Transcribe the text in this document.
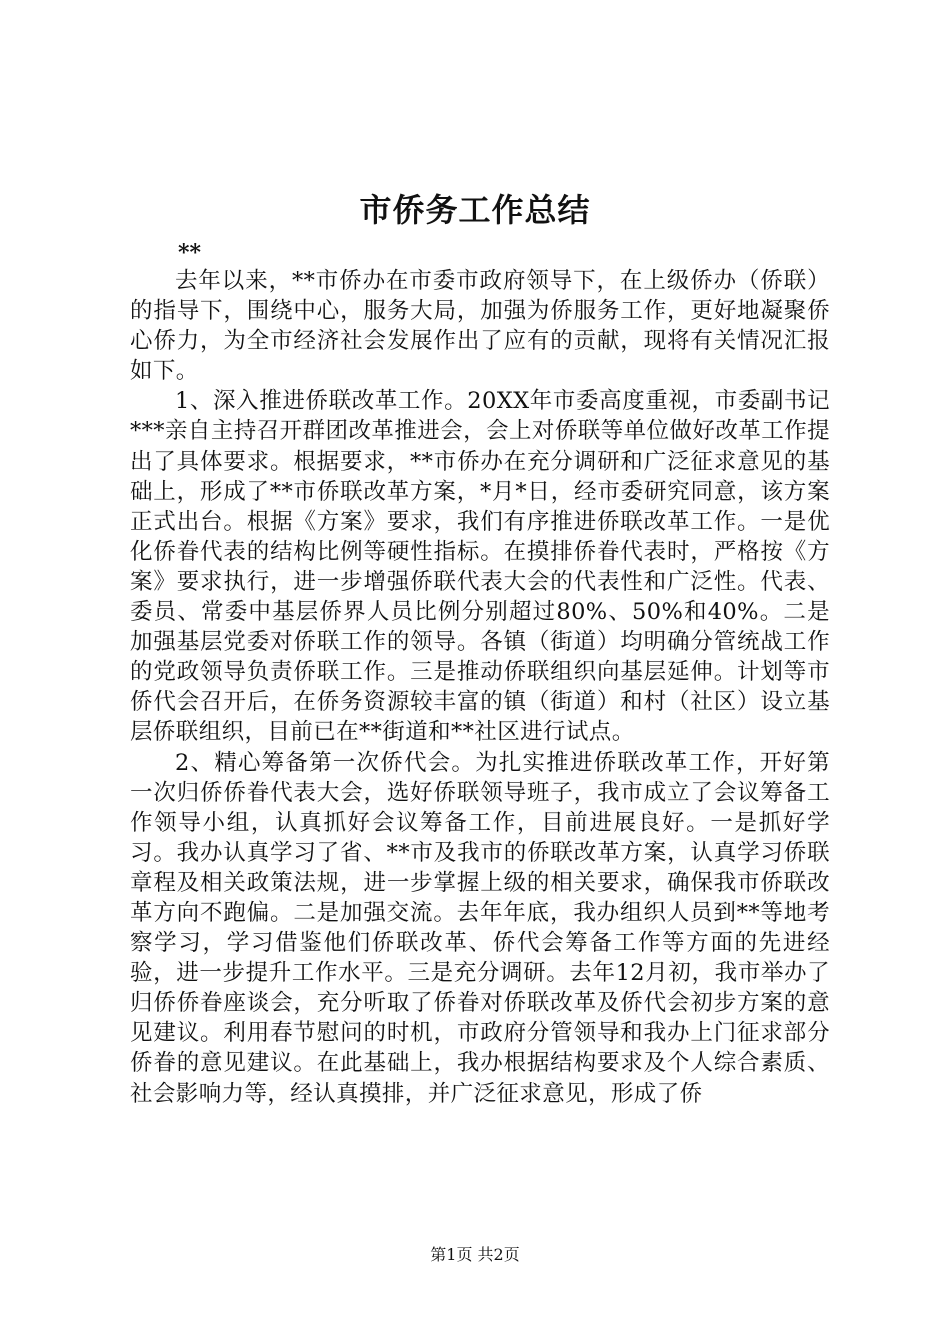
市侨务工作总结
**

去年以来，**市侨办在市委市政府领导下，在上级侨办（侨联）的指导下，围绕中心，服务大局，加强为侨服务工作，更好地凝聚侨心侨力，为全市经济社会发展作出了应有的贡献，现将有关情况汇报如下。

1、深入推进侨联改革工作。20XX年市委高度重视，市委副书记***亲自主持召开群团改革推进会，会上对侨联等单位做好改革工作提出了具体要求。根据要求，**市侨办在充分调研和广泛征求意见的基础上，形成了**市侨联改革方案，*月*日，经市委研究同意，该方案正式出台。根据《方案》要求，我们有序推进侨联改革工作。一是优化侨眷代表的结构比例等硬性指标。在摸排侨眷代表时，严格按《方案》要求执行，进一步增强侨联代表大会的代表性和广泛性。代表、委员、常委中基层侨界人员比例分别超过80%、50%和40%。二是加强基层党委对侨联工作的领导。各镇（街道）均明确分管统战工作的党政领导负责侨联工作。三是推动侨联组织向基层延伸。计划等市侨代会召开后，在侨务资源较丰富的镇（街道）和村（社区）设立基层侨联组织，目前已在**街道和**社区进行试点。

2、精心筹备第一次侨代会。为扎实推进侨联改革工作，开好第一次归侨侨眷代表大会，选好侨联领导班子，我市成立了会议筹备工作领导小组，认真抓好会议筹备工作，目前进展良好。一是抓好学习。我办认真学习了省、**市及我市的侨联改革方案，认真学习侨联章程及相关政策法规，进一步掌握上级的相关要求，确保我市侨联改革方向不跑偏。二是加强交流。去年年底，我办组织人员到**等地考察学习，学习借鉴他们侨联改革、侨代会筹备工作等方面的先进经验，进一步提升工作水平。三是充分调研。去年12月初，我市举办了归侨侨眷座谈会，充分听取了侨眷对侨联改革及侨代会初步方案的意见建议。利用春节慰问的时机，市政府分管领导和我办上门征求部分侨眷的意见建议。在此基础上，我办根据结构要求及个人综合素质、社会影响力等，经认真摸排，并广泛征求意见，形成了侨

第1页 共2页
